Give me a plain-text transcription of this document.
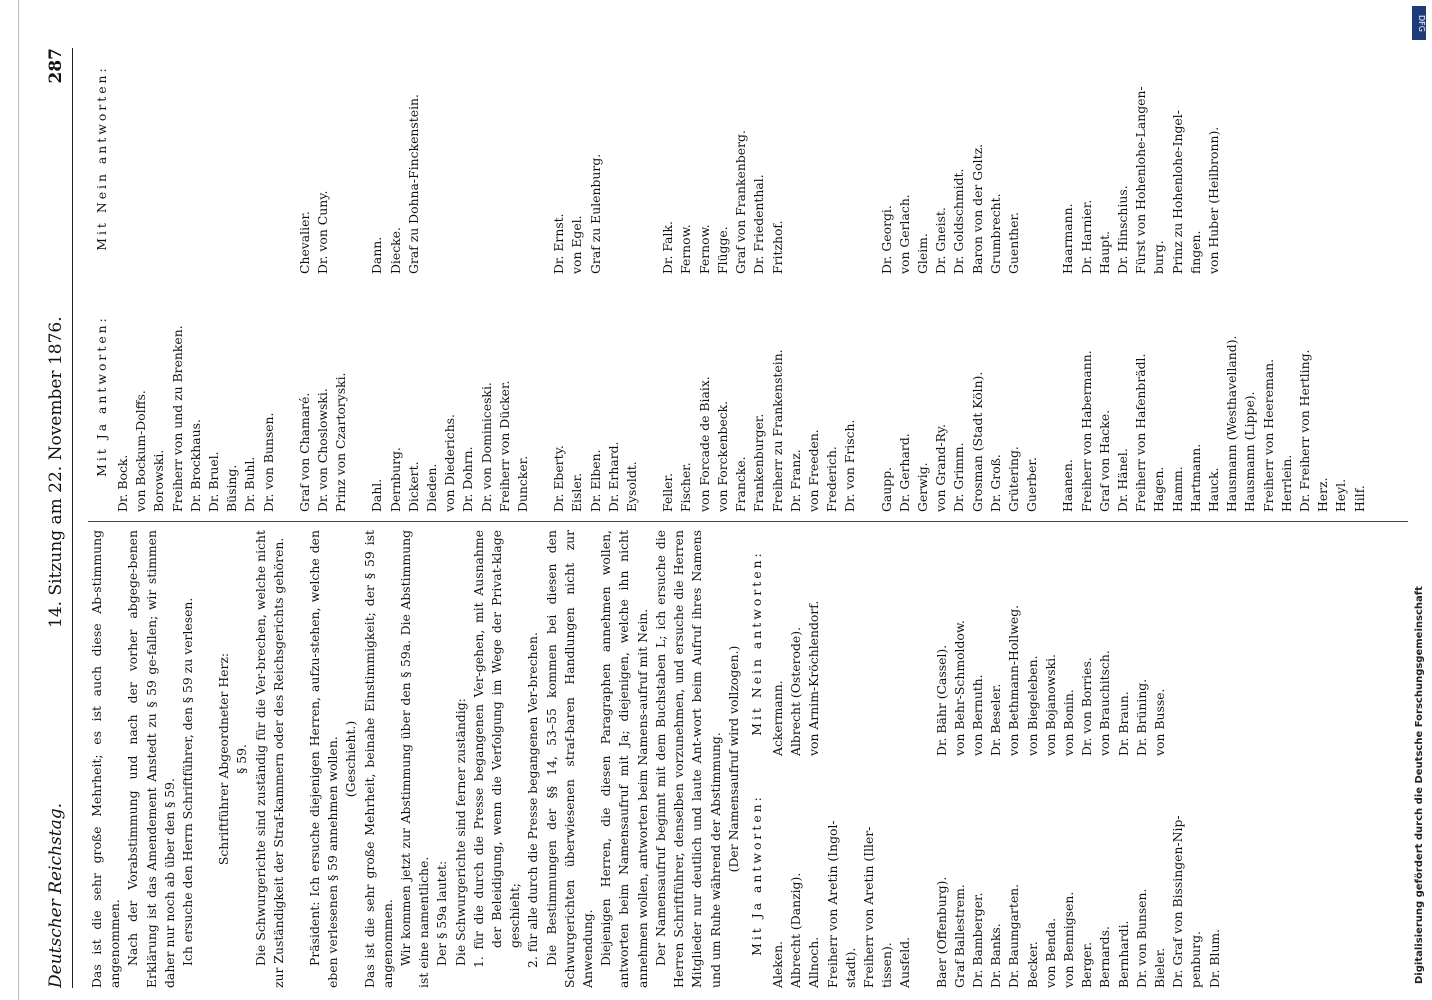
Deutscher Reichstag.
14. Sitzung am 22. November 1876.
287

Das ist die sehr große Mehrheit; es ist auch diese Ab-stimmung angenommen. Nach der Vorabstimmung und nach der vorher abgege-benen Erklärung ist das Amendement Anstedt zu § 59 ge-fallen; wir stimmen daher nur noch ab über den § 59. Ich ersuche den Herrn Schriftführer, den § 59 zu verlesen. Schriftführer Abgeordneter Herz: § 59. Die Schwurgerichte sind zuständig für die Ver-brechen, welche nicht zur Zuständigkeit der Straf-kammern oder des Reichsgerichts gehören. Präsident: Ich ersuche diejenigen Herren, aufzu-stehen, welche den eben verlesenen § 59 annehmen wollen. (Geschieht.) Das ist die sehr große Mehrheit, beinahe Einstimmigkeit; der § 59 ist angenommen. Wir kommen jetzt zur Abstimmung über den § 59a. Die Abstimmung ist eine namentliche. Der § 59a lautet: Die Schwurgerichte sind ferner zuständig: 1. für die durch die Presse begangenen Ver-gehen, mit Ausnahme der Beleidigung, wenn die Verfolgung im Wege der Privat-klage geschieht; 2. für alle durch die Presse begangenen Ver-brechen. Die Bestimmungen der §§ 14, 53–55 kommen bei diesen den Schwurgerichten überwiesenen straf-baren Handlungen nicht zur Anwendung. Diejenigen Herren, die diesen Paragraphen annehmen wollen, antworten beim Namensaufruf mit Ja; diejenigen, welche ihn nicht annehmen wollen, antworten beim Namens-aufruf mit Nein. Der Namensaufruf beginnt mit dem Buchstaben L; ich ersuche die Herren Schriftführer, denselben vorzunehmen, und ersuche die Herren Mitglieder nur deutlich und laute Ant-wort beim Aufruf ihres Namens und um Ruhe während der Abstimmung. (Der Namensaufruf wird vollzogen.)

Mit Ja antworten:
Mit Nein antworten:
Aleken. Albrecht (Danzig). Allnoch. Freiherr von Aretin (Ingol- stadt). Freiherr von Aretin (Iller- tissen). Ausfeld.
Ackermann. Albrecht (Osterode). von Arnim-Kröchlendorf.
Baer (Offenburg). Graf Ballestrem. Dr. Bamberger. Dr. Banks. Dr. Baumgarten. Becker. von Benda. von Bennigsen. Berger. Bernards. Bernhardi. Dr. von Bunsen. Bieler. Dr. Graf von Bissingen-Nip- penburg. Dr. Blum.
Dr. Bähr (Cassel). von Behr-Schmoldow. von Bernuth. Dr. Beseler. von Bethmann-Hollweg. von Biegeleben. von Bojanowski. von Bonin. Dr. von Borries. von Brauchitsch. Dr. Braun. Dr. Brüning. von Busse.
Mit Ja antworten:
Mit Nein antworten:
Dr. Bock. von Bockum-Dolffs. Borowski. Freiherr von und zu Brenken. Dr. Brockhaus. Dr. Bruel. Büsing. Dr. Buhl. Dr. von Bunsen. Graf von Chamaré. Dr. von Choslowski. Prinz von Czartoryski.
Chevalier. Dr. von Cuny.
Dahl. Dernburg. Dickert. Dieden. von Diederichs. Dr. Dohrn. Dr. von Dominiceski. Freiherr von Dücker. Duncker.
Dann. Diecke. Graf zu Dohna-Finckenstein.
Dr. Eberty. Eisler. Dr. Elben. Dr. Erhard. Eysoldt.
Dr. Ernst. von Egel. Graf zu Eulenburg.
Feller. Fischer. von Forcade de Biaix. von Forckenbeck. Francke. Frankenburger. Freiherr zu Frankenstein. Dr. Franz. von Freeden. Frederich. Dr. von Frisch.
Dr. Falk. Fernow. Fernow. Flügge. Graf von Frankenberg. Dr. Friedenthal. Fritzhof.
Gaupp. Dr. Gerhard. Gerwig. von Grand-Ry. Dr. Grimm. Grosman (Stadt Köln). Dr. Groß. Grütering. Guerber.
Dr. Georgi. von Gerlach. Gleim. Dr. Gneist. Dr. Goldschmidt. Baron von der Goltz. Grumbrecht. Guenther.
Haanen. Freiherr von Habermann. Graf von Hacke. Dr. Hänel. Freiherr von Hafenbrädl. Hagen. Hamm. Hartmann. Hauck. Hausmann (Westhavelland). Hausmann (Lippe). Freiherr von Heereman. Herrlein. Dr. Freiherr von Hertling. Herz. Heyl. Hilf.
Haarmann. Dr. Harnier. Haupt. Dr. Hinschius. Fürst von Hohenlohe-Langen- burg. Prinz zu Hohenlohe-Ingel- fingen. von Huber (Heilbronn).
DFG
Digitalisierung gefördert durch die Deutsche Forschungsgemeinschaft
